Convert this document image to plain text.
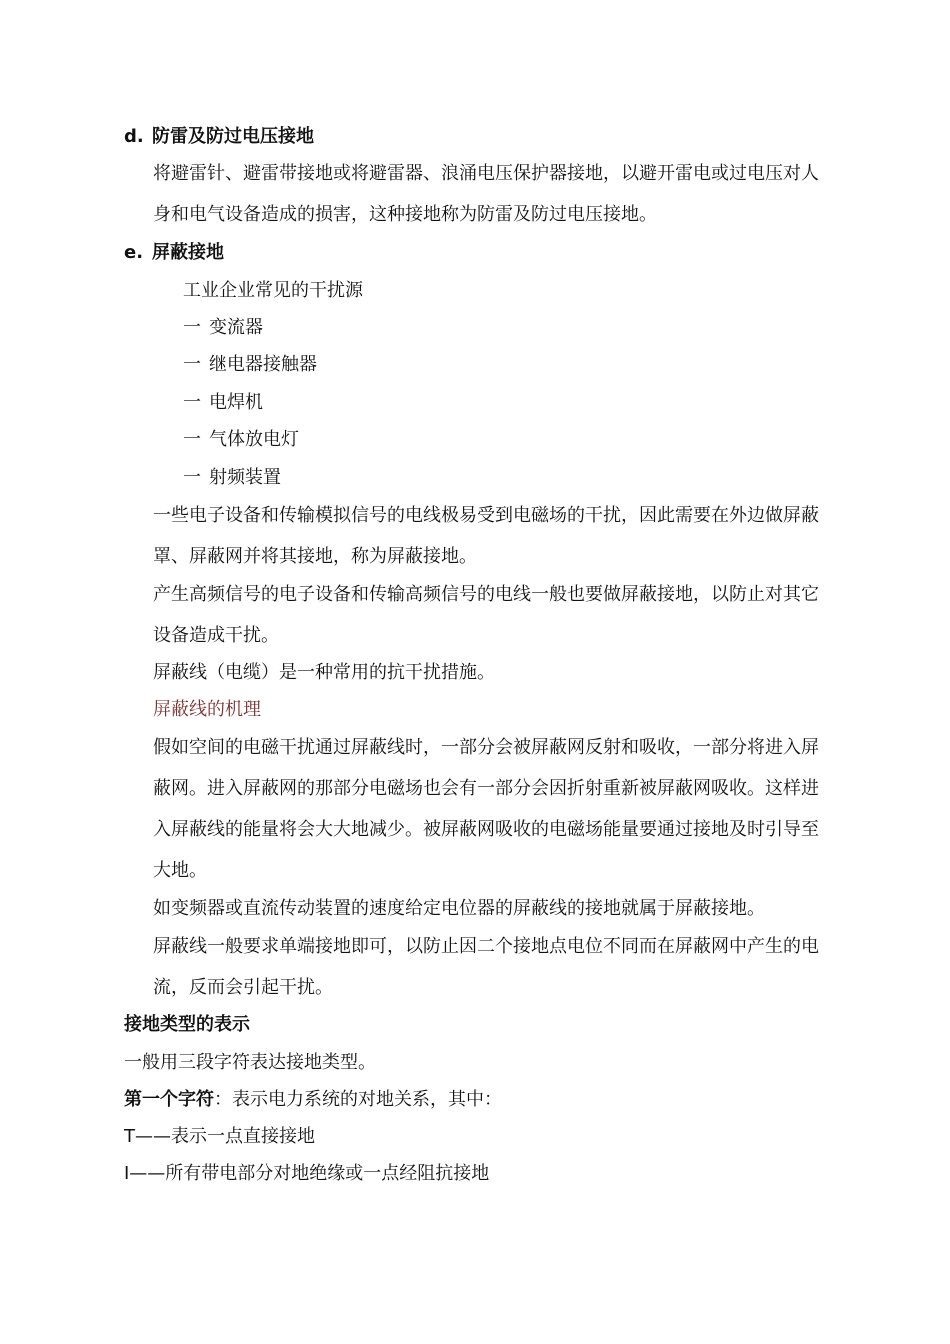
d. 防雷及防过电压接地
将避雷针、避雷带接地或将避雷器、浪涌电压保护器接地，以避开雷电或过电压对人
身和电气设备造成的损害，这种接地称为防雷及防过电压接地。
e. 屏蔽接地
工业企业常见的干扰源
一 变流器
一 继电器接触器
一 电焊机
一 气体放电灯
一 射频装置
一些电子设备和传输模拟信号的电线极易受到电磁场的干扰，因此需要在外边做屏蔽
罩、屏蔽网并将其接地，称为屏蔽接地。
产生高频信号的电子设备和传输高频信号的电线一般也要做屏蔽接地，以防止对其它
设备造成干扰。
屏蔽线（电缆）是一种常用的抗干扰措施。
屏蔽线的机理
假如空间的电磁干扰通过屏蔽线时，一部分会被屏蔽网反射和吸收，一部分将进入屏
蔽网。进入屏蔽网的那部分电磁场也会有一部分会因折射重新被屏蔽网吸收。这样进
入屏蔽线的能量将会大大地减少。被屏蔽网吸收的电磁场能量要通过接地及时引导至
大地。
如变频器或直流传动装置的速度给定电位器的屏蔽线的接地就属于屏蔽接地。
屏蔽线一般要求单端接地即可，以防止因二个接地点电位不同而在屏蔽网中产生的电
流，反而会引起干扰。
接地类型的表示
一般用三段字符表达接地类型。
第一个字符：表示电力系统的对地关系，其中：
T——表示一点直接接地
I——所有带电部分对地绝缘或一点经阻抗接地
